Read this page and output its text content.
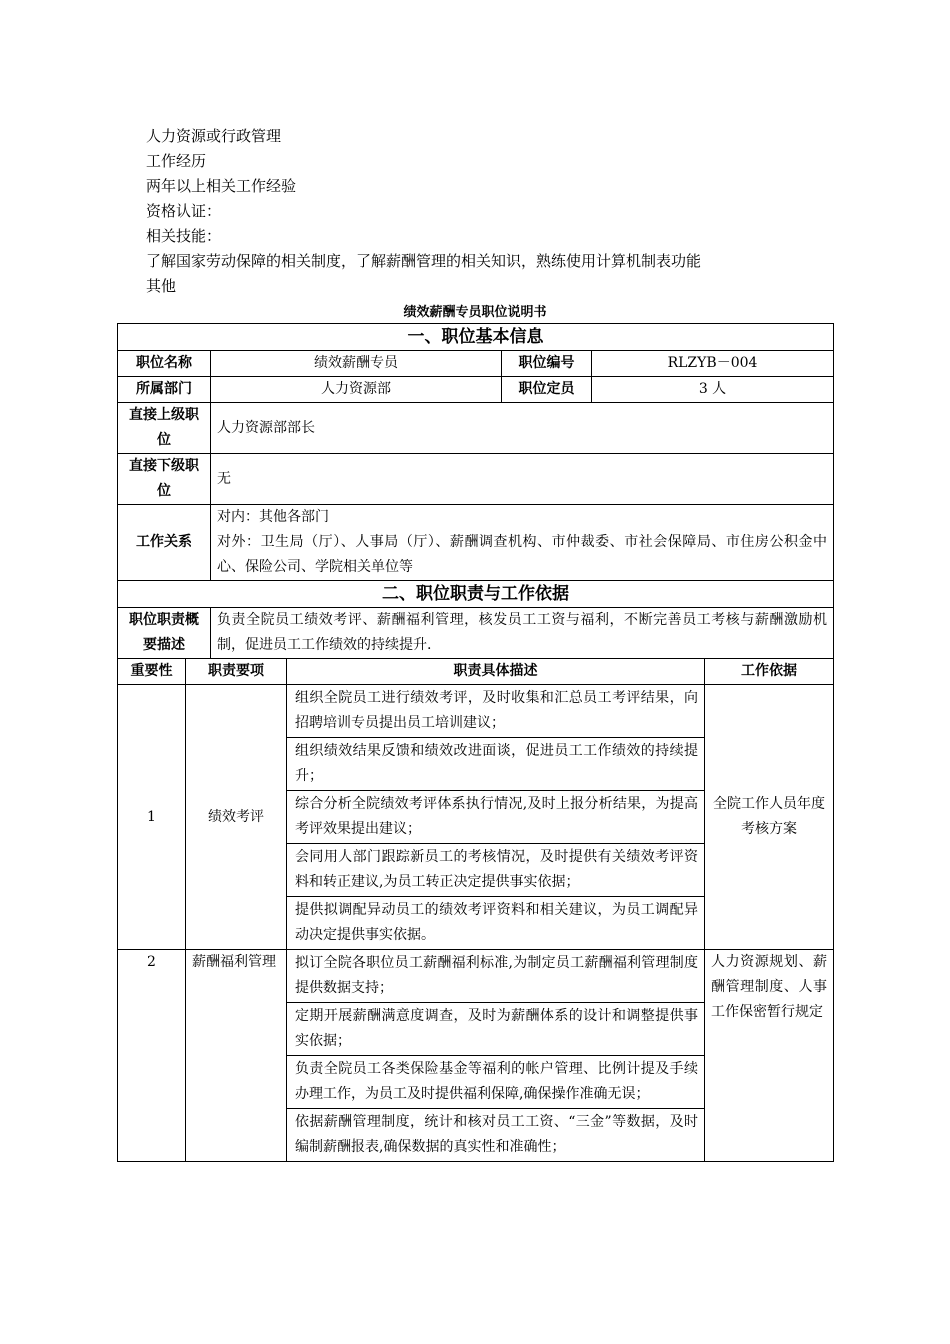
人力资源或行政管理
工作经历
两年以上相关工作经验
资格认证：
相关技能：
了解国家劳动保障的相关制度，了解薪酬管理的相关知识，熟练使用计算机制表功能
其他
绩效薪酬专员职位说明书
一、职位基本信息						
职位名称		绩效薪酬专员		职位编号	RLZYB－004	
所属部门		人力资源部		职位定员	3 人	
直接上级职位		人力资源部部长				
直接下级职位		无				
工作关系		对内：其他各部门
对外：卫生局（厅）、人事局（厅）、薪酬调查机构、市仲裁委、市社会保障局、市住房公积金中心、保险公司、学院相关单位等				

二、职位职责与工作依据						
职位职责概要描述		负责全院员工绩效考评、薪酬福利管理，核发员工工资与福利，不断完善员工考核与薪酬激励机制，促进员工工作绩效的持续提升.				
重要性	职责要项		职责具体描述			工作依据
1	绩效考评		组织全院员工进行绩效考评，及时收集和汇总员工考评结果，向招聘培训专员提出员工培训建议；
组织绩效结果反馈和绩效改进面谈，促进员工工作绩效的持续提升；
综合分析全院绩效考评体系执行情况,及时上报分析结果，为提高考评效果提出建议；
会同用人部门跟踪新员工的考核情况，及时提供有关绩效考评资料和转正建议,为员工转正决定提供事实依据；
提供拟调配异动员工的绩效考评资料和相关建议，为员工调配异动决定提供事实依据。			全院工作人员年度考核方案
2	薪酬福利管理		拟订全院各职位员工薪酬福利标准,为制定员工薪酬福利管理制度提供数据支持；
定期开展薪酬满意度调查，及时为薪酬体系的设计和调整提供事实依据；
负责全院员工各类保险基金等福利的帐户管理、比例计提及手续办理工作，为员工及时提供福利保障,确保操作准确无误；
依据薪酬管理制度，统计和核对员工工资、“三金”等数据，及时编制薪酬报表,确保数据的真实性和准确性；			人力资源规划、薪酬管理制度、人事工作保密暂行规定
